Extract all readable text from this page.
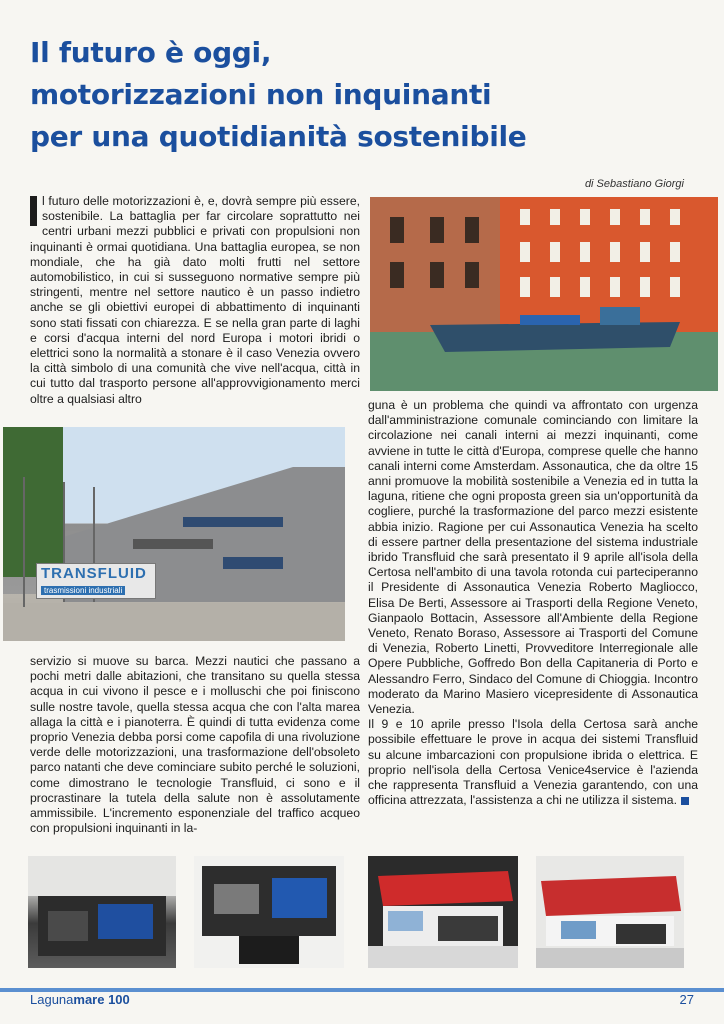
Il futuro è oggi,
motorizzazioni non inquinanti
per una quotidianità sostenibile
di Sebastiano Giorgi

l futuro delle motorizzazioni è, e, dovrà sempre più essere, sostenibile. La battaglia per far circolare soprattutto nei centri urbani mezzi pubblici e privati con propulsioni non inquinanti è ormai quotidiana. Una battaglia europea, se non mondiale, che ha già dato molti frutti nel settore automobilistico, in cui si susseguono normative sempre più stringenti, mentre nel settore nautico è un passo indietro anche se gli obiettivi europei di abbattimento di inquinanti sono stati fissati con chiarezza. E se nella gran parte di laghi e corsi d'acqua interni del nord Europa i motori ibridi o elettrici sono la normalità a stonare è il caso Venezia ovvero la città simbolo di una comunità che vive nell'acqua, città in cui tutto dal trasporto persone all'approvvigionamento merci oltre a qualsiasi altro	guna è un problema che quindi va affrontato con urgenza dall'amministrazione comunale cominciando con limitare la circolazione nei canali interni ai mezzi inquinanti, come avviene in tutte le città d'Europa, comprese quelle che hanno canali interni come Amsterdam. Assonautica, che da oltre 15 anni promuove la mobilità sostenibile a Venezia ed in tutta la laguna, ritiene che ogni proposta green sia un'opportunità da cogliere, purché la trasformazione del parco mezzi esistente abbia inizio. Ragione per cui Assonautica Venezia ha scelto di essere partner della presentazione del sistema industriale ibrido Transfluid che sarà presentato il 9 aprile all'isola della Certosa nell'ambito di una tavola rotonda cui parteciperanno il Presidente di Assonautica Venezia Roberto Magliocco, Elisa De Berti, Assessore ai Trasporti della Regione Veneto, Gianpaolo Bottacin, Assessore all'Ambiente della Regione Veneto, Renato Boraso, Assessore ai Trasporti del Comune di Venezia, Roberto Linetti, Provveditore Interregionale alle Opere Pubbliche, Goffredo Bon della Capitaneria di Porto e Alessandro Ferro, Sindaco del Comune di Chioggia. Incontro moderato da Marino Masiero vicepresidente di Assonautica Venezia.

Il 9 e 10 aprile presso l'Isola della Certosa sarà anche possibile effettuare le prove in acqua dei sistemi Transfluid su alcune imbarcazioni con propulsione ibrida o elettrica. E proprio nell'isola della Certosa Venice4service è l'azienda che rappresenta Transfluid a Venezia garantendo, con una officina attrezzata, l'assistenza a chi ne utilizza il sistema.

TRANSFLUID
trasmissioni industriali

servizio si muove su barca. Mezzi nautici che passano a pochi metri dalle abitazioni, che transitano su quella stessa acqua in cui vivono il pesce e i molluschi che poi finiscono sulle nostre tavole, quella stessa acqua che con l'alta marea allaga la città e i pianoterra. È quindi di tutta evidenza come proprio Venezia debba porsi come capofila di una rivoluzione verde delle motorizzazioni, una trasformazione dell'obsoleto parco natanti che deve cominciare subito perché le soluzioni, come dimostrano le tecnologie Transfluid, ci sono e il procrastinare la tutela della salute non è assolutamente ammissibile. L'incremento esponenziale del traffico acqueo con propulsioni inquinanti in la-

Lagunamare 100	27
